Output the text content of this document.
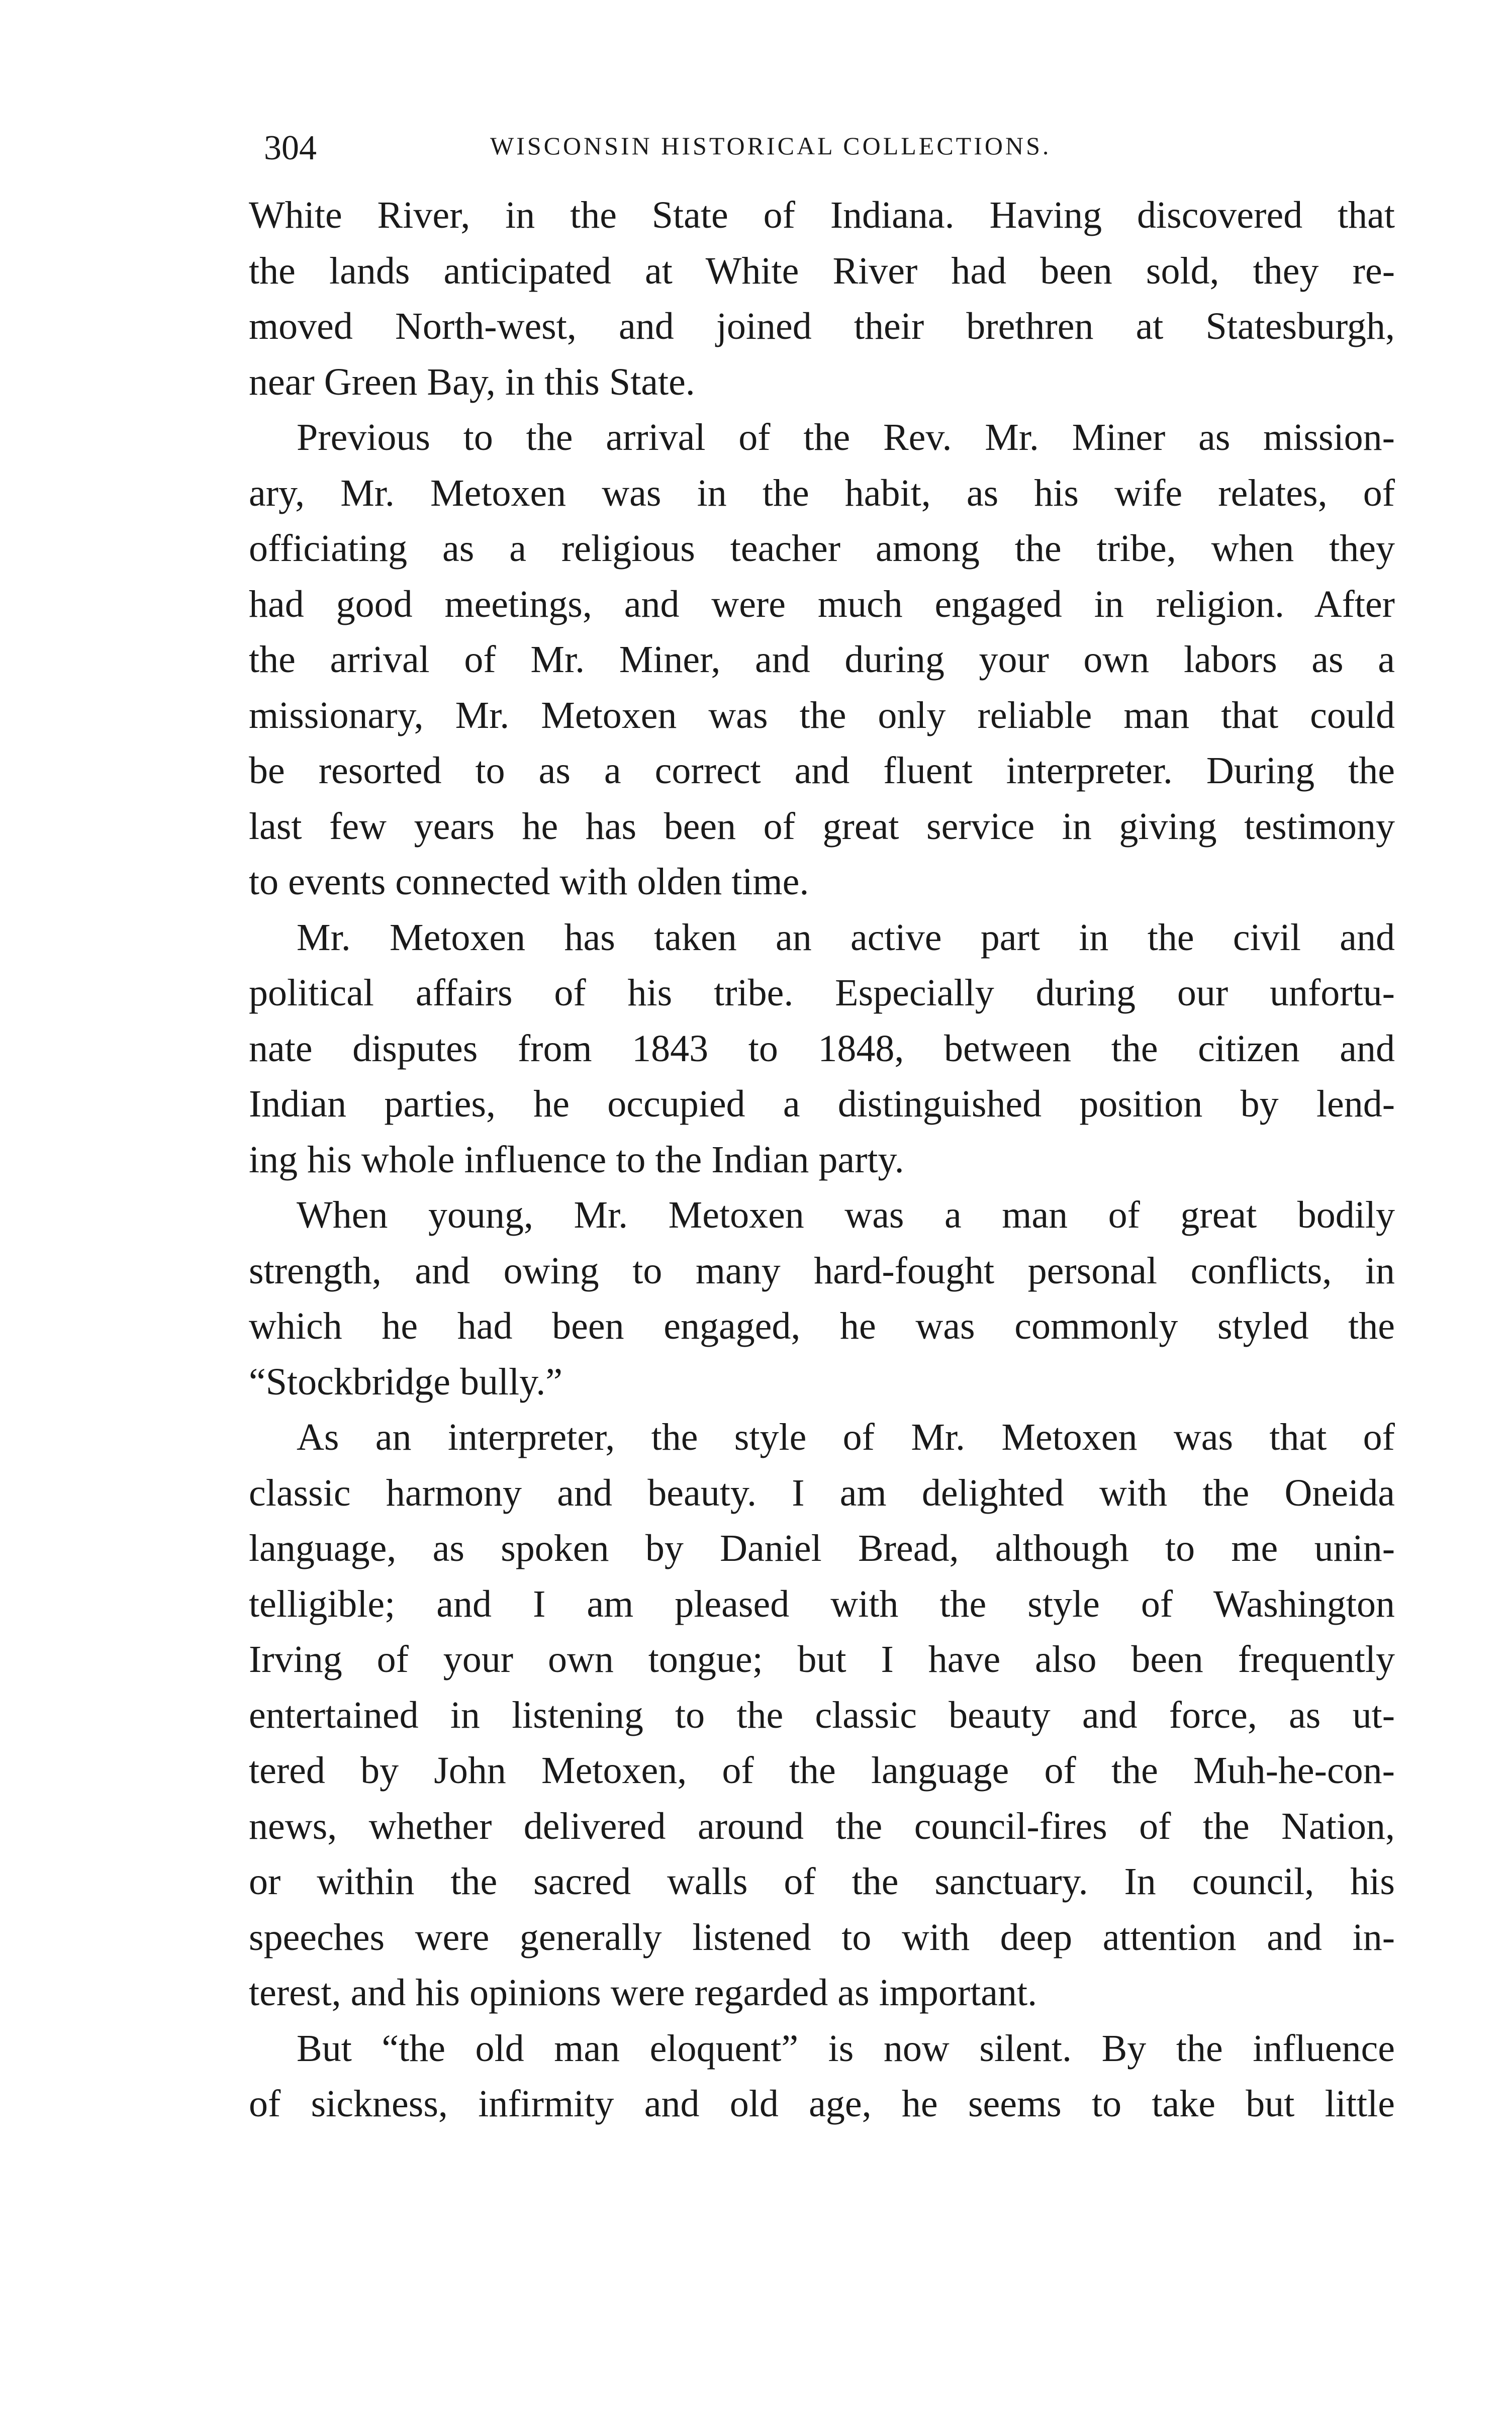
304	WISCONSIN HISTORICAL COLLECTIONS.
White River, in the State of Indiana. Having discovered that
the lands anticipated at White River had been sold, they re-
moved North-west, and joined their brethren at Statesburgh,
near Green Bay, in this State.
Previous to the arrival of the Rev. Mr. Miner as mission-
ary, Mr. Metoxen was in the habit, as his wife relates, of
officiating as a religious teacher among the tribe, when they
had good meetings, and were much engaged in religion. After
the arrival of Mr. Miner, and during your own labors as a
missionary, Mr. Metoxen was the only reliable man that could
be resorted to as a correct and fluent interpreter. During the
last few years he has been of great service in giving testimony
to events connected with olden time.
Mr. Metoxen has taken an active part in the civil and
political affairs of his tribe. Especially during our unfortu-
nate disputes from 1843 to 1848, between the citizen and
Indian parties, he occupied a distinguished position by lend-
ing his whole influence to the Indian party.
When young, Mr. Metoxen was a man of great bodily
strength, and owing to many hard-fought personal conflicts, in
which he had been engaged, he was commonly styled the
“Stockbridge bully.”
As an interpreter, the style of Mr. Metoxen was that of
classic harmony and beauty. I am delighted with the Oneida
language, as spoken by Daniel Bread, although to me unin-
telligible; and I am pleased with the style of Washington
Irving of your own tongue; but I have also been frequently
entertained in listening to the classic beauty and force, as ut-
tered by John Metoxen, of the language of the Muh-he-con-
news, whether delivered around the council-fires of the Nation,
or within the sacred walls of the sanctuary. In council, his
speeches were generally listened to with deep attention and in-
terest, and his opinions were regarded as important.
But “the old man eloquent” is now silent. By the influence
of sickness, infirmity and old age, he seems to take but little
